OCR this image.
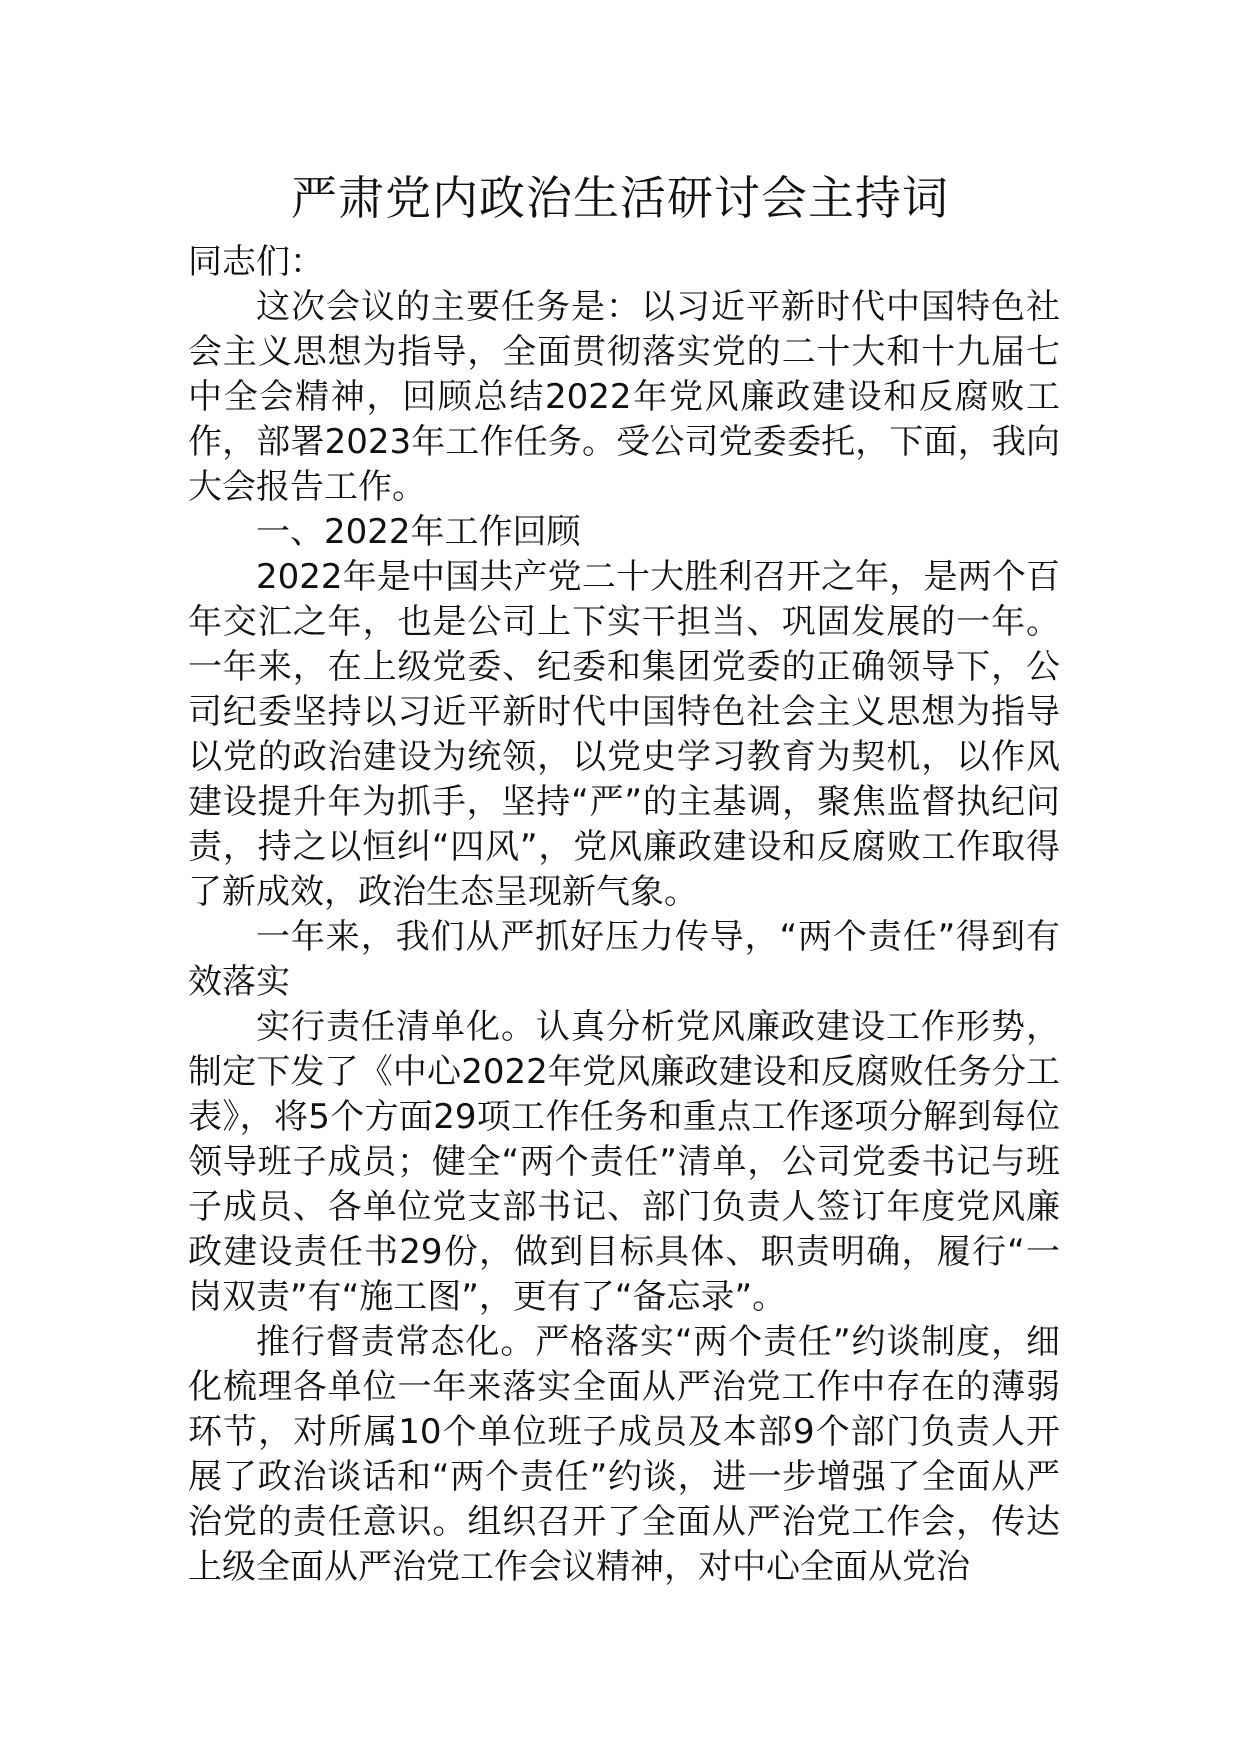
严肃党内政治生活研讨会主持词

同志们：

这次会议的主要任务是：以习近平新时代中国特色社会主义思想为指导，全面贯彻落实党的二十大和十九届七中全会精神，回顾总结2022年党风廉政建设和反腐败工作，部署2023年工作任务。受公司党委委托，下面，我向大会报告工作。

一、2022年工作回顾

2022年是中国共产党二十大胜利召开之年，是两个百年交汇之年，也是公司上下实干担当、巩固发展的一年。一年来，在上级党委、纪委和集团党委的正确领导下，公司纪委坚持以习近平新时代中国特色社会主义思想为指导以党的政治建设为统领，以党史学习教育为契机，以作风建设提升年为抓手，坚持“严”的主基调，聚焦监督执纪问责，持之以恒纠“四风”，党风廉政建设和反腐败工作取得了新成效，政治生态呈现新气象。

一年来，我们从严抓好压力传导，“两个责任”得到有效落实

实行责任清单化。认真分析党风廉政建设工作形势，制定下发了《中心2022年党风廉政建设和反腐败任务分工表》，将5个方面29项工作任务和重点工作逐项分解到每位领导班子成员；健全“两个责任”清单，公司党委书记与班子成员、各单位党支部书记、部门负责人签订年度党风廉政建设责任书29份，做到目标具体、职责明确，履行“一岗双责”有“施工图”，更有了“备忘录”。

推行督责常态化。严格落实“两个责任”约谈制度，细化梳理各单位一年来落实全面从严治党工作中存在的薄弱环节，对所属10个单位班子成员及本部9个部门负责人开展了政治谈话和“两个责任”约谈，进一步增强了全面从严治党的责任意识。组织召开了全面从严治党工作会，传达上级全面从严治党工作会议精神，对中心全面从党治
